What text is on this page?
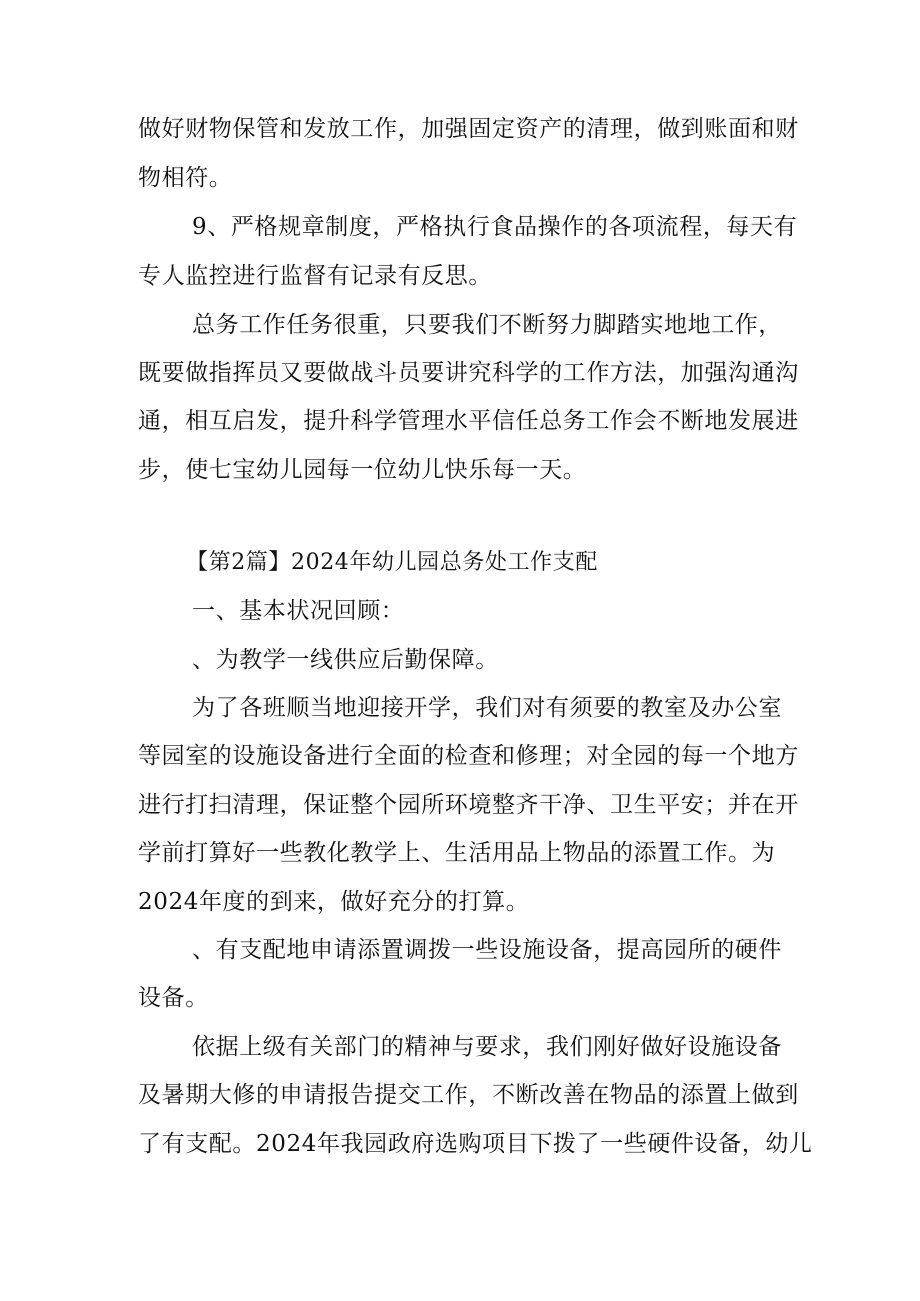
做好财物保管和发放工作，加强固定资产的清理，做到账面和财
物相符。
9、严格规章制度，严格执行食品操作的各项流程，每天有
专人监控进行监督有记录有反思。
总务工作任务很重，只要我们不断努力脚踏实地地工作，
既要做指挥员又要做战斗员要讲究科学的工作方法，加强沟通沟
通，相互启发，提升科学管理水平信任总务工作会不断地发展进
步，使七宝幼儿园每一位幼儿快乐每一天。
【第2篇】2024年幼儿园总务处工作支配
一、基本状况回顾：
、为教学一线供应后勤保障。
为了各班顺当地迎接开学，我们对有须要的教室及办公室
等园室的设施设备进行全面的检查和修理；对全园的每一个地方
进行打扫清理，保证整个园所环境整齐干净、卫生平安；并在开
学前打算好一些教化教学上、生活用品上物品的添置工作。为
2024年度的到来，做好充分的打算。
、有支配地申请添置调拨一些设施设备，提高园所的硬件
设备。
依据上级有关部门的精神与要求，我们刚好做好设施设备
及暑期大修的申请报告提交工作，不断改善在物品的添置上做到
了有支配。2024年我园政府选购项目下拨了一些硬件设备，幼儿
